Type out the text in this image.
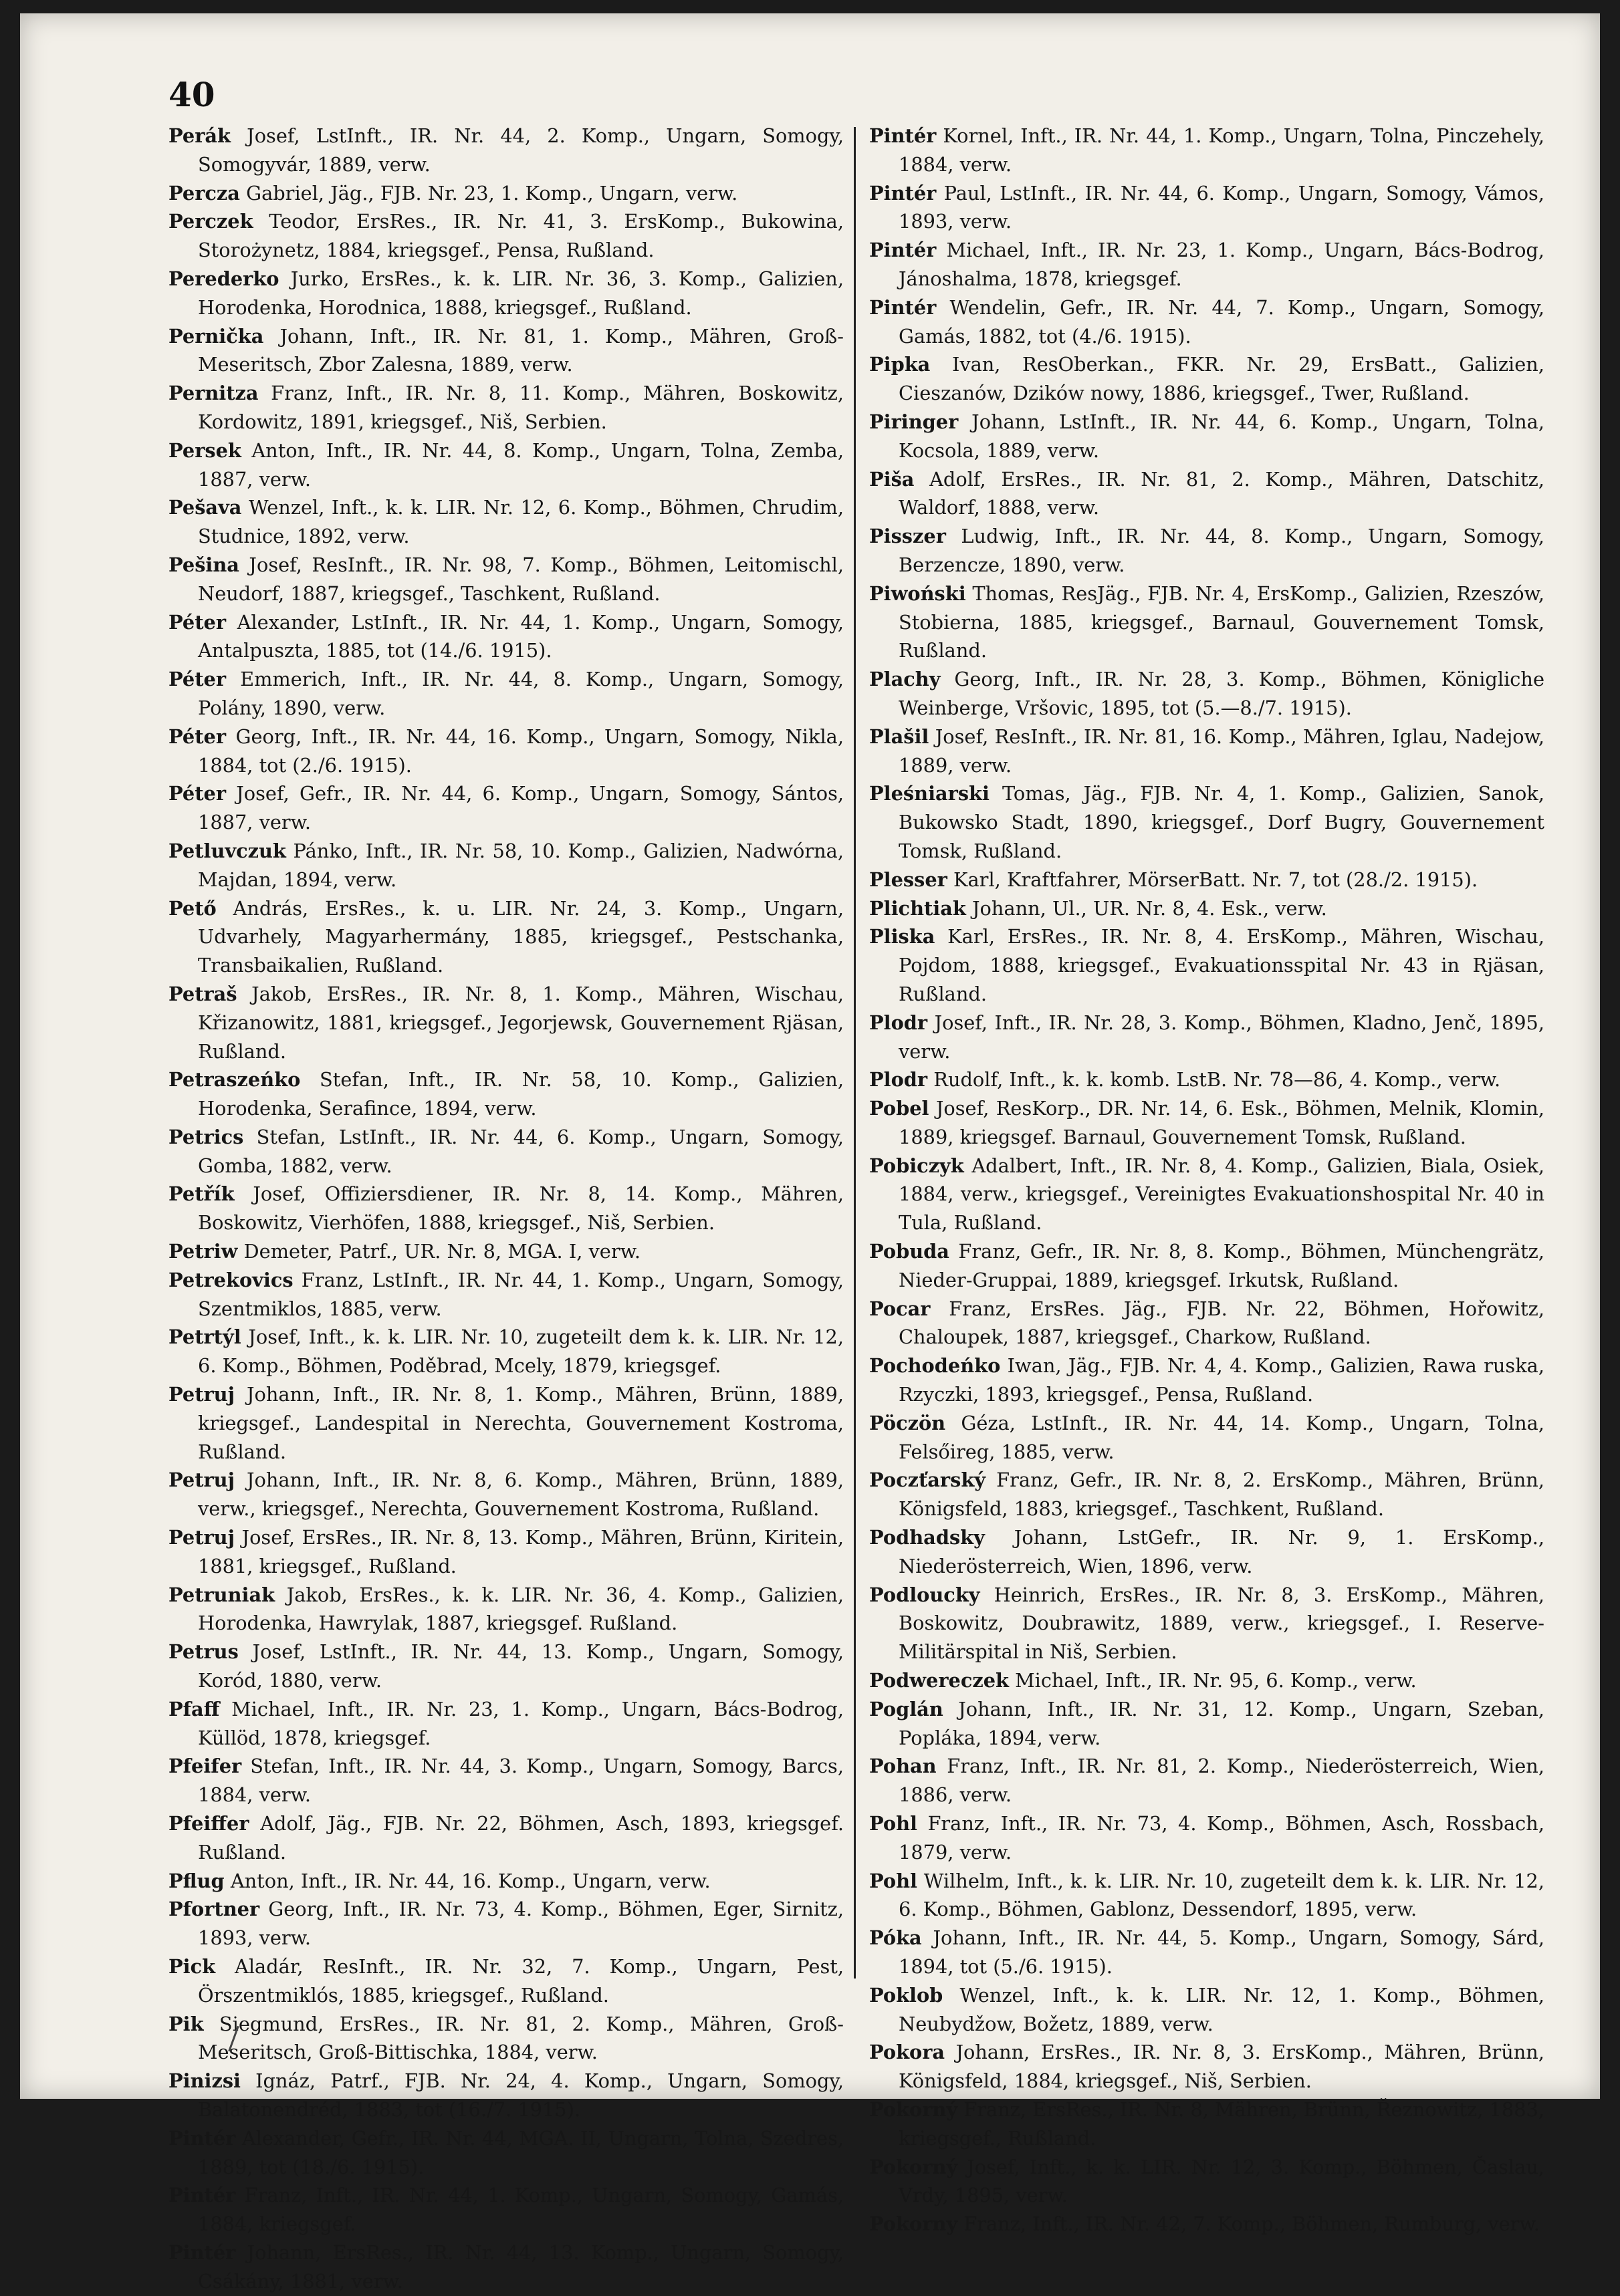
40
Perák Josef, LstInft., IR. Nr. 44, 2. Komp., Ungarn, Somogy, Somogyvár, 1889, verw.
Percza Gabriel, Jäg., FJB. Nr. 23, 1. Komp., Ungarn, verw.
Perczek Teodor, ErsRes., IR. Nr. 41, 3. ErsKomp., Bukowina, Storożynetz, 1884, kriegsgef., Pensa, Rußland.
Perederko Jurko, ErsRes., k. k. LIR. Nr. 36, 3. Komp., Galizien, Horodenka, Horodnica, 1888, kriegsgef., Rußland.
Pernička Johann, Inft., IR. Nr. 81, 1. Komp., Mähren, Groß-Meseritsch, Zbor Zalesna, 1889, verw.
Pernitza Franz, Inft., IR. Nr. 8, 11. Komp., Mähren, Boskowitz, Kordowitz, 1891, kriegsgef., Niš, Serbien.
Persek Anton, Inft., IR. Nr. 44, 8. Komp., Ungarn, Tolna, Zemba, 1887, verw.
Pešava Wenzel, Inft., k. k. LIR. Nr. 12, 6. Komp., Böhmen, Chrudim, Studnice, 1892, verw.
Pešina Josef, ResInft., IR. Nr. 98, 7. Komp., Böhmen, Leitomischl, Neudorf, 1887, kriegsgef., Taschkent, Rußland.
Péter Alexander, LstInft., IR. Nr. 44, 1. Komp., Ungarn, Somogy, Antalpuszta, 1885, tot (14./6. 1915).
Péter Emmerich, Inft., IR. Nr. 44, 8. Komp., Ungarn, Somogy, Polány, 1890, verw.
Péter Georg, Inft., IR. Nr. 44, 16. Komp., Ungarn, Somogy, Nikla, 1884, tot (2./6. 1915).
Péter Josef, Gefr., IR. Nr. 44, 6. Komp., Ungarn, Somogy, Sántos, 1887, verw.
Petluvczuk Pánko, Inft., IR. Nr. 58, 10. Komp., Galizien, Nadwórna, Majdan, 1894, verw.
Pető András, ErsRes., k. u. LIR. Nr. 24, 3. Komp., Ungarn, Udvarhely, Magyarhermány, 1885, kriegsgef., Pestschanka, Transbaikalien, Rußland.
Petraš Jakob, ErsRes., IR. Nr. 8, 1. Komp., Mähren, Wischau, Křizanowitz, 1881, kriegsgef., Jegorjewsk, Gouvernement Rjäsan, Rußland.
Petraszeńko Stefan, Inft., IR. Nr. 58, 10. Komp., Galizien, Horodenka, Serafince, 1894, verw.
Petrics Stefan, LstInft., IR. Nr. 44, 6. Komp., Ungarn, Somogy, Gomba, 1882, verw.
Petřík Josef, Offiziersdiener, IR. Nr. 8, 14. Komp., Mähren, Boskowitz, Vierhöfen, 1888, kriegsgef., Niš, Serbien.
Petriw Demeter, Patrf., UR. Nr. 8, MGA. I, verw.
Petrekovics Franz, LstInft., IR. Nr. 44, 1. Komp., Ungarn, Somogy, Szentmiklos, 1885, verw.
Petrtýl Josef, Inft., k. k. LIR. Nr. 10, zugeteilt dem k. k. LIR. Nr. 12, 6. Komp., Böhmen, Poděbrad, Mcely, 1879, kriegsgef.
Petruj Johann, Inft., IR. Nr. 8, 1. Komp., Mähren, Brünn, 1889, kriegsgef., Landespital in Nerechta, Gouvernement Kostroma, Rußland.
Petruj Johann, Inft., IR. Nr. 8, 6. Komp., Mähren, Brünn, 1889, verw., kriegsgef., Nerechta, Gouvernement Kostroma, Rußland.
Petruj Josef, ErsRes., IR. Nr. 8, 13. Komp., Mähren, Brünn, Kiritein, 1881, kriegsgef., Rußland.
Petruniak Jakob, ErsRes., k. k. LIR. Nr. 36, 4. Komp., Galizien, Horodenka, Hawrylak, 1887, kriegsgef. Rußland.
Petrus Josef, LstInft., IR. Nr. 44, 13. Komp., Ungarn, Somogy, Koród, 1880, verw.
Pfaff Michael, Inft., IR. Nr. 23, 1. Komp., Ungarn, Bács-Bodrog, Küllöd, 1878, kriegsgef.
Pfeifer Stefan, Inft., IR. Nr. 44, 3. Komp., Ungarn, Somogy, Barcs, 1884, verw.
Pfeiffer Adolf, Jäg., FJB. Nr. 22, Böhmen, Asch, 1893, kriegsgef. Rußland.
Pflug Anton, Inft., IR. Nr. 44, 16. Komp., Ungarn, verw.
Pfortner Georg, Inft., IR. Nr. 73, 4. Komp., Böhmen, Eger, Sirnitz, 1893, verw.
Pick Aladár, ResInft., IR. Nr. 32, 7. Komp., Ungarn, Pest, Örszentmiklós, 1885, kriegsgef., Rußland.
Pik Siegmund, ErsRes., IR. Nr. 81, 2. Komp., Mähren, Groß-Meseritsch, Groß-Bittischka, 1884, verw.
Pinizsi Ignáz, Patrf., FJB. Nr. 24, 4. Komp., Ungarn, Somogy, Balatonendréd, 1883, tot (16./7. 1915).
Pintér Alexander, Gefr., IR. Nr. 44, MGA. II, Ungarn, Tolna, Szedres, 1889, tot (18./6. 1915).
Pintér Franz, Inft., IR. Nr. 44, 1. Komp., Ungarn, Somogy, Gamás, 1884, kriegsgef.
Pintér Johann, ErsRes., IR. Nr. 44, 13. Komp., Ungarn, Somogy, Csákány, 1881, verw.
Pintér Kornel, Inft., IR. Nr. 44, 1. Komp., Ungarn, Tolna, Pinczehely, 1884, verw.
Pintér Paul, LstInft., IR. Nr. 44, 6. Komp., Ungarn, Somogy, Vámos, 1893, verw.
Pintér Michael, Inft., IR. Nr. 23, 1. Komp., Ungarn, Bács-Bodrog, Jánoshalma, 1878, kriegsgef.
Pintér Wendelin, Gefr., IR. Nr. 44, 7. Komp., Ungarn, Somogy, Gamás, 1882, tot (4./6. 1915).
Pipka Ivan, ResOberkan., FKR. Nr. 29, ErsBatt., Galizien, Cieszanów, Dzików nowy, 1886, kriegsgef., Twer, Rußland.
Piringer Johann, LstInft., IR. Nr. 44, 6. Komp., Ungarn, Tolna, Kocsola, 1889, verw.
Piša Adolf, ErsRes., IR. Nr. 81, 2. Komp., Mähren, Datschitz, Waldorf, 1888, verw.
Pisszer Ludwig, Inft., IR. Nr. 44, 8. Komp., Ungarn, Somogy, Berzencze, 1890, verw.
Piwoński Thomas, ResJäg., FJB. Nr. 4, ErsKomp., Galizien, Rzeszów, Stobierna, 1885, kriegsgef., Barnaul, Gouvernement Tomsk, Rußland.
Plachy Georg, Inft., IR. Nr. 28, 3. Komp., Böhmen, Königliche Weinberge, Vršovic, 1895, tot (5.—8./7. 1915).
Plašil Josef, ResInft., IR. Nr. 81, 16. Komp., Mähren, Iglau, Nadejow, 1889, verw.
Pleśniarski Tomas, Jäg., FJB. Nr. 4, 1. Komp., Galizien, Sanok, Bukowsko Stadt, 1890, kriegsgef., Dorf Bugry, Gouvernement Tomsk, Rußland.
Plesser Karl, Kraftfahrer, MörserBatt. Nr. 7, tot (28./2. 1915).
Plichtiak Johann, Ul., UR. Nr. 8, 4. Esk., verw.
Pliska Karl, ErsRes., IR. Nr. 8, 4. ErsKomp., Mähren, Wischau, Pojdom, 1888, kriegsgef., Evakuationsspital Nr. 43 in Rjäsan, Rußland.
Plodr Josef, Inft., IR. Nr. 28, 3. Komp., Böhmen, Kladno, Jenč, 1895, verw.
Plodr Rudolf, Inft., k. k. komb. LstB. Nr. 78—86, 4. Komp., verw.
Pobel Josef, ResKorp., DR. Nr. 14, 6. Esk., Böhmen, Melnik, Klomin, 1889, kriegsgef. Barnaul, Gouvernement Tomsk, Rußland.
Pobiczyk Adalbert, Inft., IR. Nr. 8, 4. Komp., Galizien, Biala, Osiek, 1884, verw., kriegsgef., Vereinigtes Evakuationshospital Nr. 40 in Tula, Rußland.
Pobuda Franz, Gefr., IR. Nr. 8, 8. Komp., Böhmen, Münchengrätz, Nieder-Gruppai, 1889, kriegsgef. Irkutsk, Rußland.
Pocar Franz, ErsRes. Jäg., FJB. Nr. 22, Böhmen, Hořowitz, Chaloupek, 1887, kriegsgef., Charkow, Rußland.
Pochodeńko Iwan, Jäg., FJB. Nr. 4, 4. Komp., Galizien, Rawa ruska, Rzyczki, 1893, kriegsgef., Pensa, Rußland.
Pöczön Géza, LstInft., IR. Nr. 44, 14. Komp., Ungarn, Tolna, Felsőireg, 1885, verw.
Poczťarský Franz, Gefr., IR. Nr. 8, 2. ErsKomp., Mähren, Brünn, Königsfeld, 1883, kriegsgef., Taschkent, Rußland.
Podhadsky Johann, LstGefr., IR. Nr. 9, 1. ErsKomp., Niederösterreich, Wien, 1896, verw.
Podloucky Heinrich, ErsRes., IR. Nr. 8, 3. ErsKomp., Mähren, Boskowitz, Doubrawitz, 1889, verw., kriegsgef., I. Reserve-Militärspital in Niš, Serbien.
Podwereczek Michael, Inft., IR. Nr. 95, 6. Komp., verw.
Poglán Johann, Inft., IR. Nr. 31, 12. Komp., Ungarn, Szeban, Popláka, 1894, verw.
Pohan Franz, Inft., IR. Nr. 81, 2. Komp., Niederösterreich, Wien, 1886, verw.
Pohl Franz, Inft., IR. Nr. 73, 4. Komp., Böhmen, Asch, Rossbach, 1879, verw.
Pohl Wilhelm, Inft., k. k. LIR. Nr. 10, zugeteilt dem k. k. LIR. Nr. 12, 6. Komp., Böhmen, Gablonz, Dessendorf, 1895, verw.
Póka Johann, Inft., IR. Nr. 44, 5. Komp., Ungarn, Somogy, Sárd, 1894, tot (5./6. 1915).
Poklob Wenzel, Inft., k. k. LIR. Nr. 12, 1. Komp., Böhmen, Neubydžow, Božetz, 1889, verw.
Pokora Johann, ErsRes., IR. Nr. 8, 3. ErsKomp., Mähren, Brünn, Königsfeld, 1884, kriegsgef., Niš, Serbien.
Pokorný Franz, ErsRes., IR. Nr. 8, Mähren, Brünn, Řeznowitz, 1883, kriegsgef., Rußland.
Pokorný Josef, Inft., k. k. LIR. Nr. 12, 3. Komp., Böhmen, Časlau, Vrdy, 1895, verw.
Pokorny Franz, Inft., IR. Nr. 42, 7. Komp., Böhmen, Rumburg, verw.
